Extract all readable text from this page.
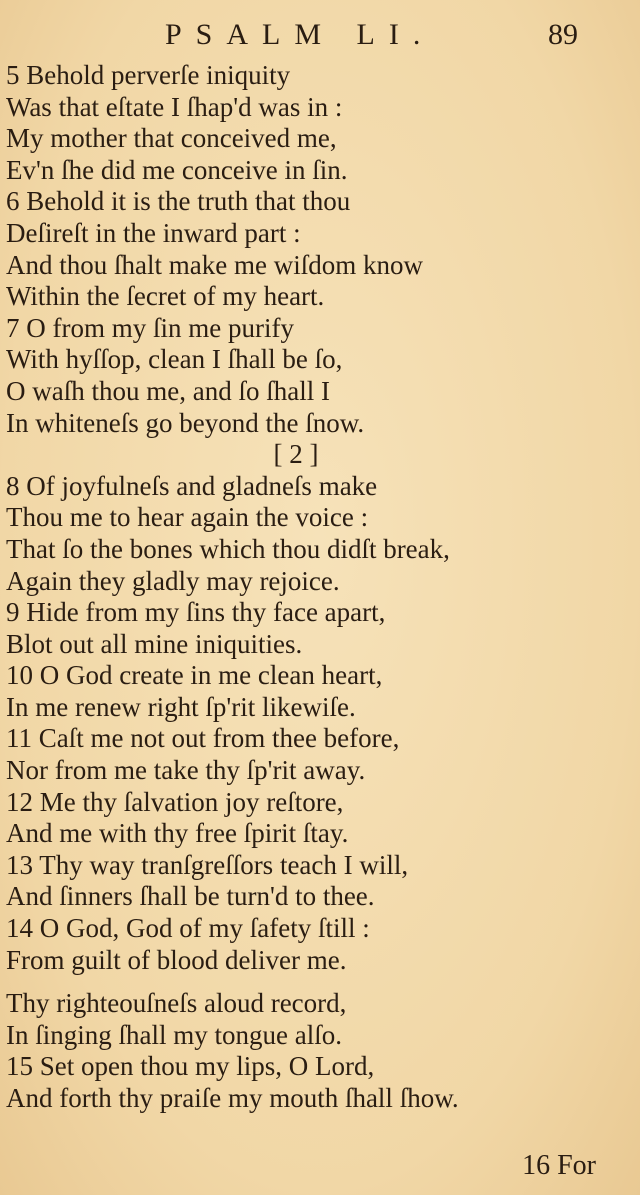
PSALM LI.	89
5 Behold perverſe iniquity
Was that eſtate I ſhap'd was in :
My mother that conceived me,
Ev'n ſhe did me conceive in ſin.
6 Behold it is the truth that thou
Deſireſt in the inward part :
And thou ſhalt make me wiſdom know
Within the ſecret of my heart.
7 O from my ſin me purify
With hyſſop, clean I ſhall be ſo,
O waſh thou me, and ſo ſhall I
In whiteneſs go beyond the ſnow.
[ 2 ]
8 Of joyfulneſs and gladneſs make
Thou me to hear again the voice :
That ſo the bones which thou didſt break,
Again they gladly may rejoice.
9 Hide from my ſins thy face apart,
Blot out all mine iniquities.
10 O God create in me clean heart,
In me renew right ſp'rit likewiſe.
11 Caſt me not out from thee before,
Nor from me take thy ſp'rit away.
12 Me thy ſalvation joy reſtore,
And me with thy free ſpirit ſtay.
13 Thy way tranſgreſſors teach I will,
And ſinners ſhall be turn'd to thee.
14 O God, God of my ſafety ſtill :
From guilt of blood deliver me.
Thy righteouſneſs aloud record,
In ſinging ſhall my tongue alſo.
15 Set open thou my lips, O Lord,
And forth thy praiſe my mouth ſhall ſhow.
16 For
